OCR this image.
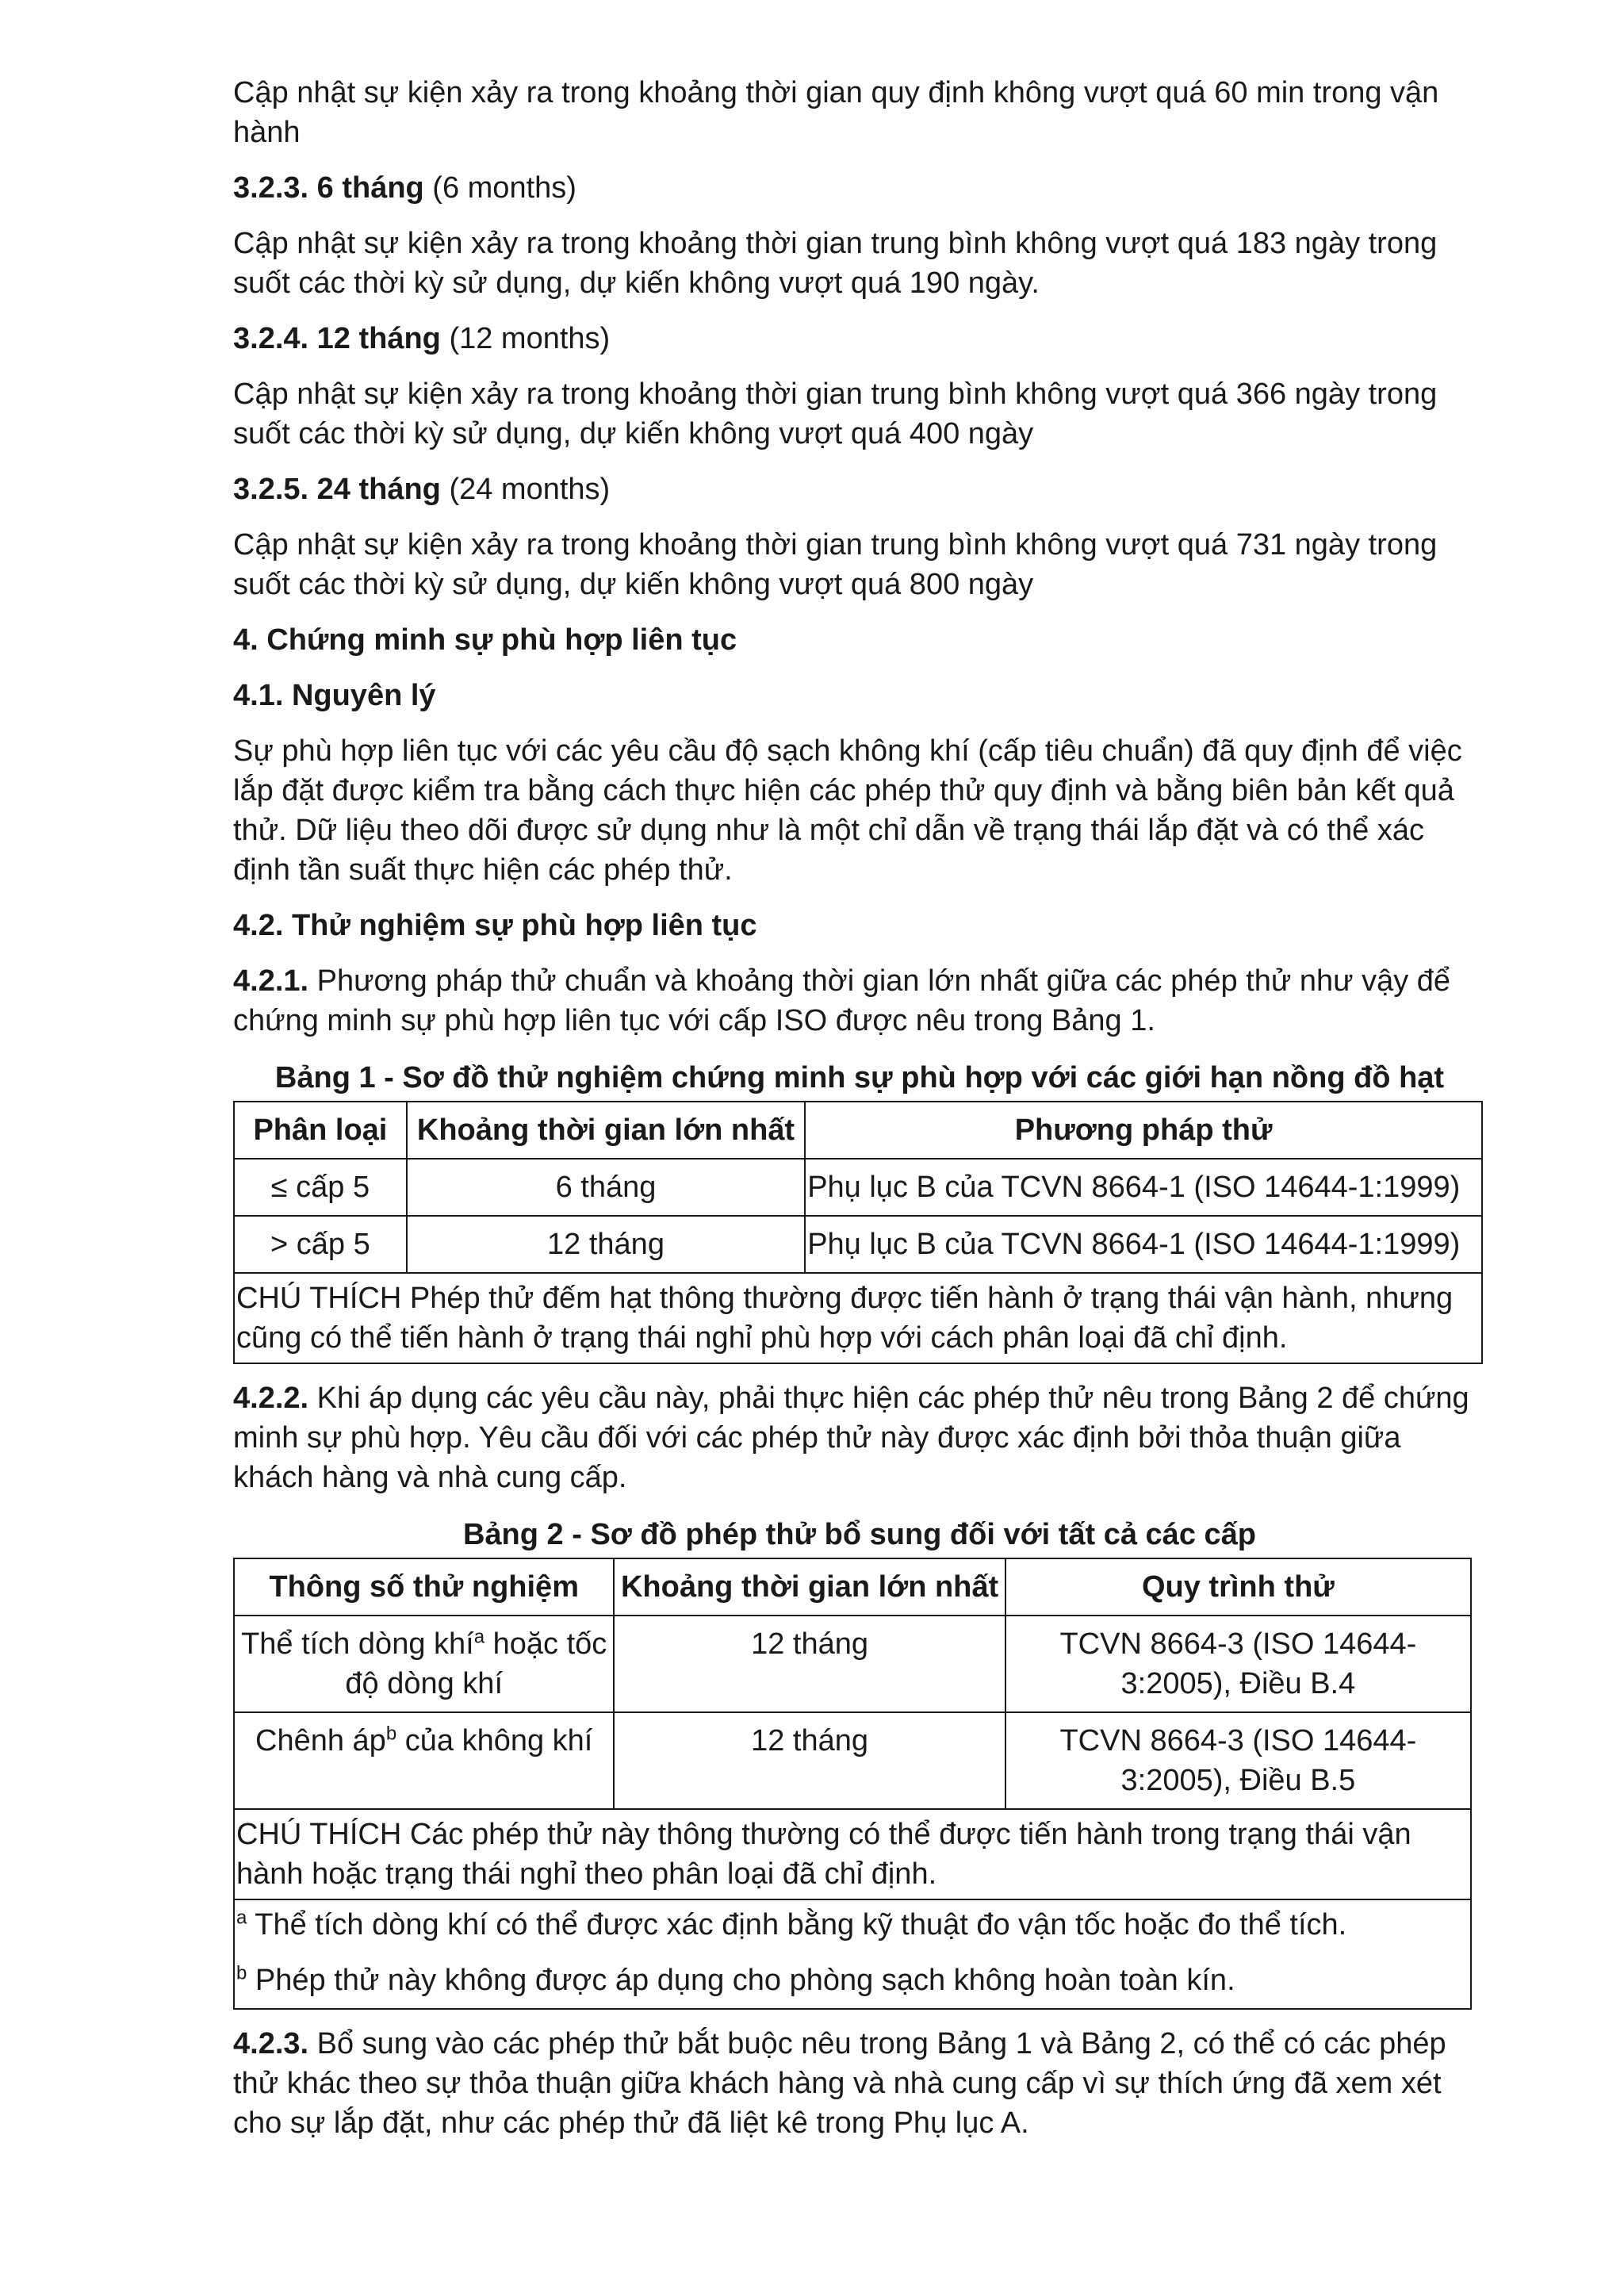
Cập nhật sự kiện xảy ra trong khoảng thời gian quy định không vượt quá 60 min trong vận hành

3.2.3. 6 tháng (6 months)

Cập nhật sự kiện xảy ra trong khoảng thời gian trung bình không vượt quá 183 ngày trong suốt các thời kỳ sử dụng, dự kiến không vượt quá 190 ngày.

3.2.4. 12 tháng (12 months)

Cập nhật sự kiện xảy ra trong khoảng thời gian trung bình không vượt quá 366 ngày trong suốt các thời kỳ sử dụng, dự kiến không vượt quá 400 ngày

3.2.5. 24 tháng (24 months)

Cập nhật sự kiện xảy ra trong khoảng thời gian trung bình không vượt quá 731 ngày trong suốt các thời kỳ sử dụng, dự kiến không vượt quá 800 ngày

4. Chứng minh sự phù hợp liên tục

4.1. Nguyên lý

Sự phù hợp liên tục với các yêu cầu độ sạch không khí (cấp tiêu chuẩn) đã quy định để việc lắp đặt được kiểm tra bằng cách thực hiện các phép thử quy định và bằng biên bản kết quả thử. Dữ liệu theo dõi được sử dụng như là một chỉ dẫn về trạng thái lắp đặt và có thể xác định tần suất thực hiện các phép thử.

4.2. Thử nghiệm sự phù hợp liên tục

4.2.1. Phương pháp thử chuẩn và khoảng thời gian lớn nhất giữa các phép thử như vậy để chứng minh sự phù hợp liên tục với cấp ISO được nêu trong Bảng 1.

Bảng 1 - Sơ đồ thử nghiệm chứng minh sự phù hợp với các giới hạn nồng đồ hạt

Phân loại	Khoảng thời gian lớn nhất	Phương pháp thử
≤ cấp 5	6 tháng	Phụ lục B của TCVN 8664-1 (ISO 14644-1:1999)
> cấp 5	12 tháng	Phụ lục B của TCVN 8664-1 (ISO 14644-1:1999)
CHÚ THÍCH Phép thử đếm hạt thông thường được tiến hành ở trạng thái vận hành, nhưng cũng có thể tiến hành ở trạng thái nghỉ phù hợp với cách phân loại đã chỉ định.		

4.2.2. Khi áp dụng các yêu cầu này, phải thực hiện các phép thử nêu trong Bảng 2 để chứng minh sự phù hợp. Yêu cầu đối với các phép thử này được xác định bởi thỏa thuận giữa khách hàng và nhà cung cấp.

Bảng 2 - Sơ đồ phép thử bổ sung đối với tất cả các cấp

Thông số thử nghiệm	Khoảng thời gian lớn nhất	Quy trình thử
Thể tích dòng khí$^a$ hoặc tốc độ dòng khí	12 tháng	TCVN 8664-3 (ISO 14644-3:2005), Điều B.4
Chênh $áp^b$ của không khí	12 tháng	TCVN 8664-3 (ISO 14644-3:2005), Điều B.5
CHÚ THÍCH Các phép thử này thông thường có thể được tiến hành trong trạng thái vận hành hoặc trạng thái nghỉ theo phân loại đã chỉ định.		

$^a$ Thể tích dòng khí có thể được xác định bằng kỹ thuật đo vận tốc hoặc đo thể tích.
$^b$ Phép thử này không được áp dụng cho phòng sạch không hoàn toàn kín.		

4.2.3. Bổ sung vào các phép thử bắt buộc nêu trong Bảng 1 và Bảng 2, có thể có các phép thử khác theo sự thỏa thuận giữa khách hàng và nhà cung cấp vì sự thích ứng đã xem xét cho sự lắp đặt, như các phép thử đã liệt kê trong Phụ lục A.
